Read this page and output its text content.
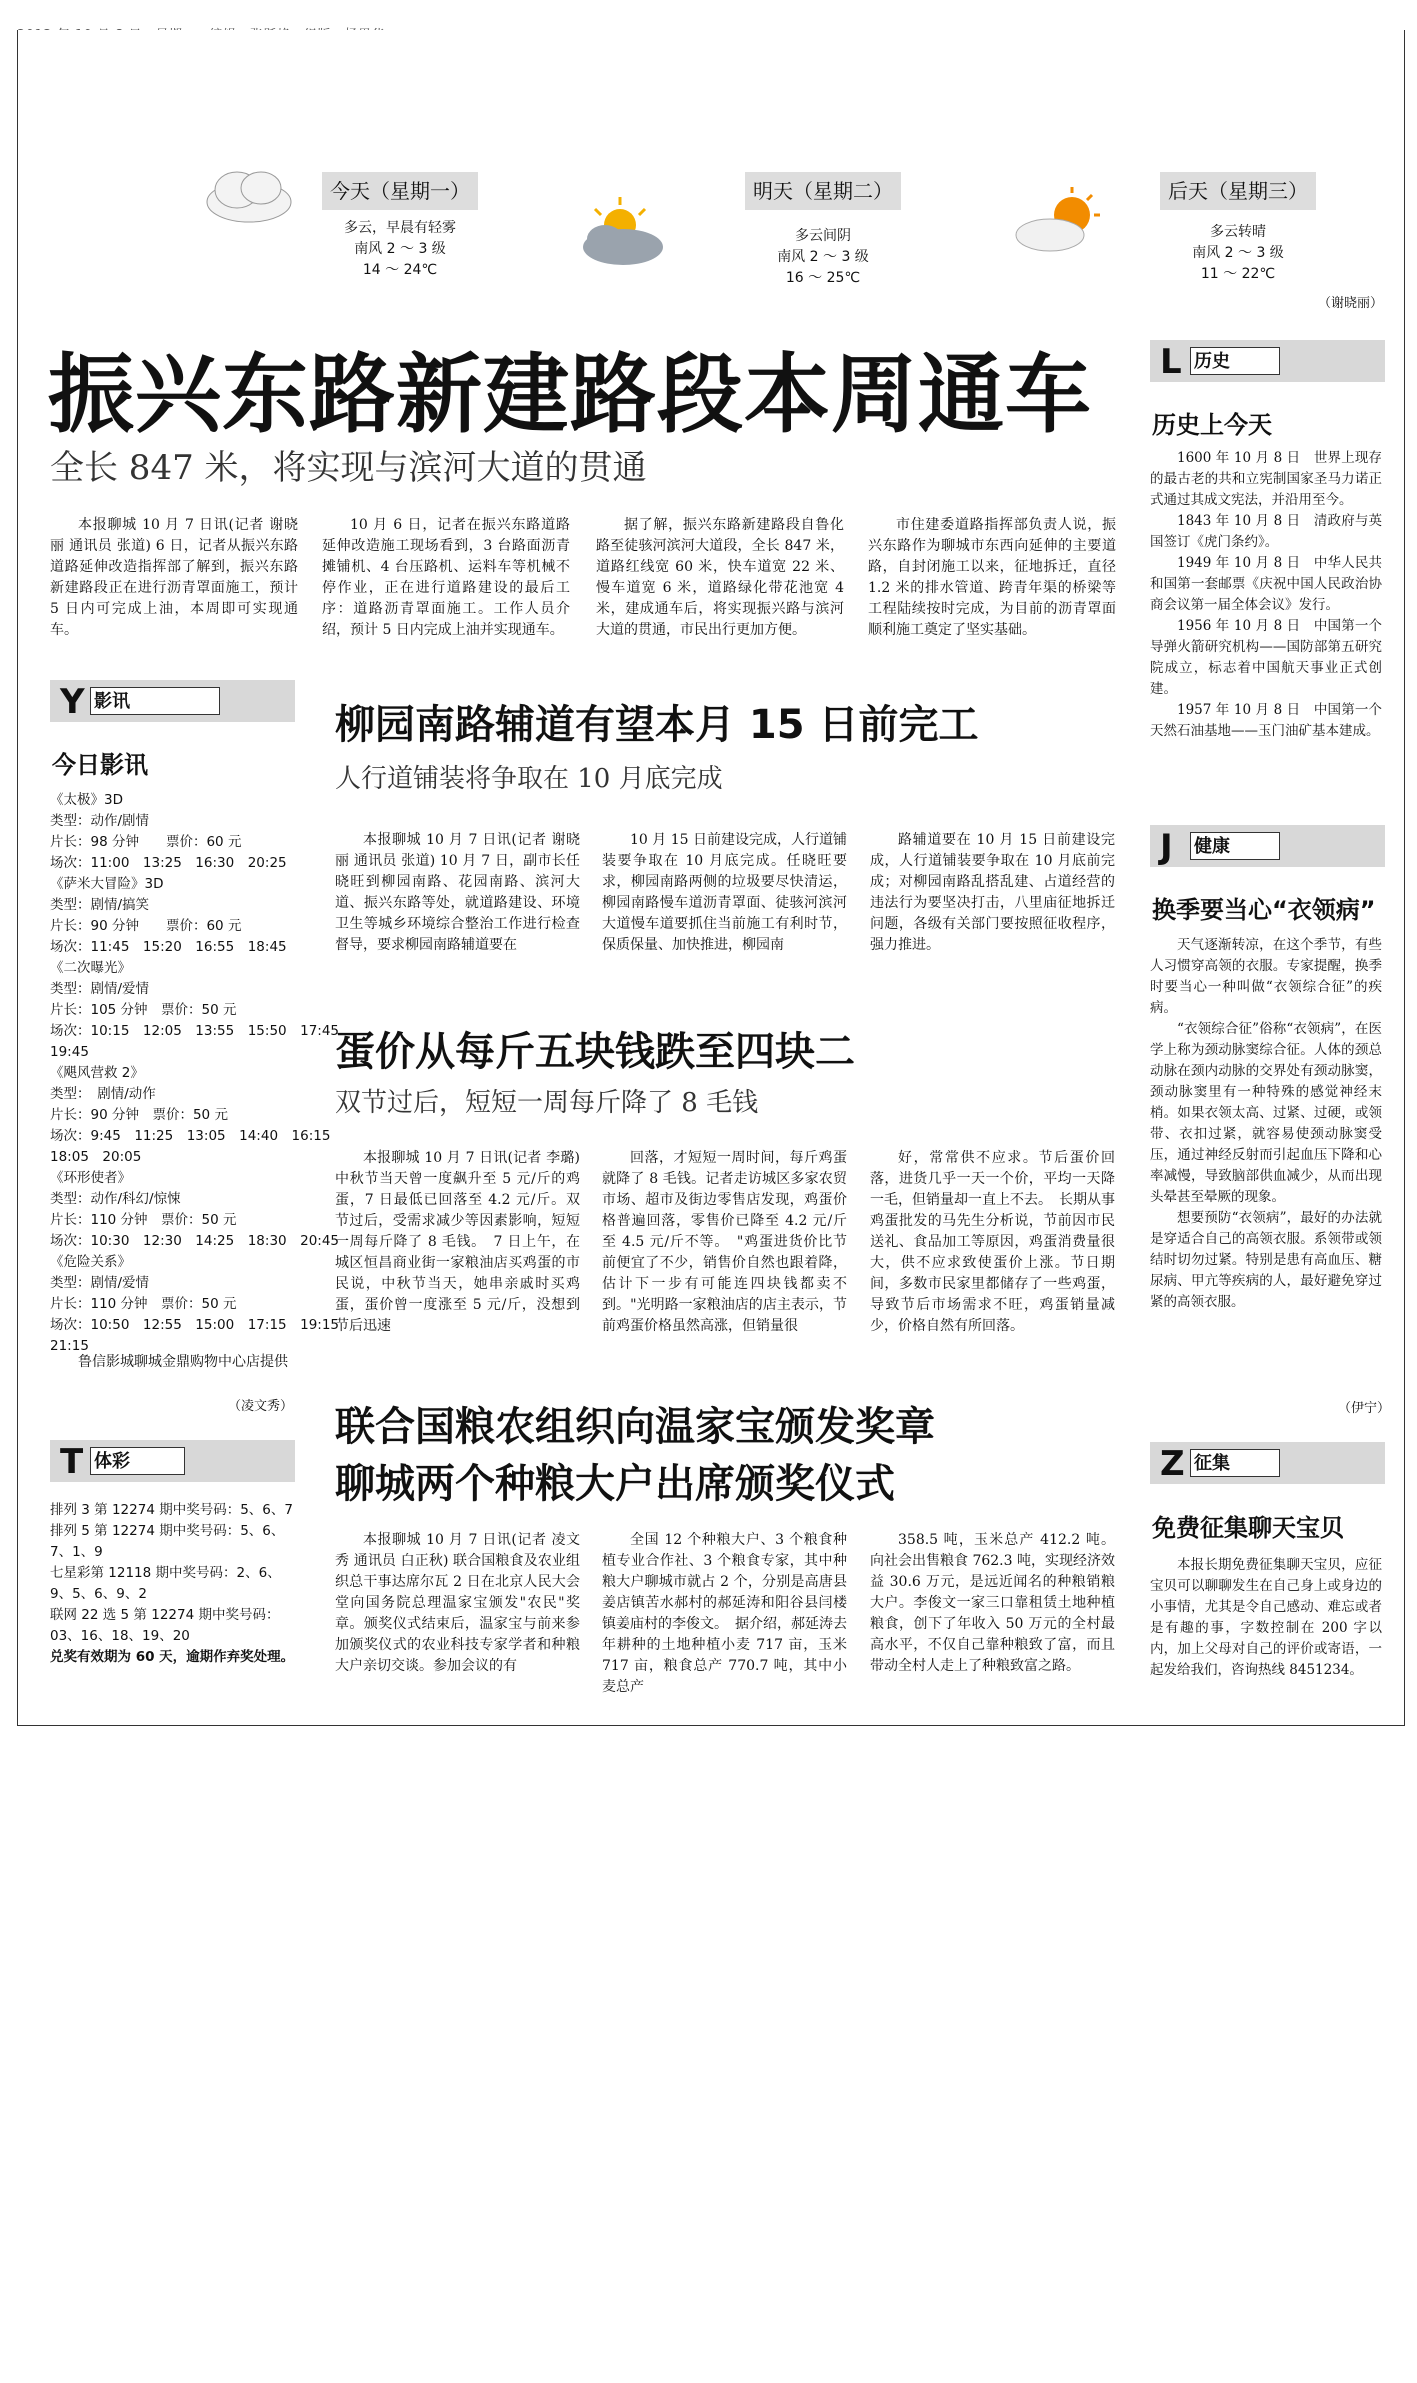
今天（星期一）
多云，早晨有轻雾
南风 2 ～ 3 级
14 ～ 24℃
明天（星期二）
多云间阴
南风 2 ～ 3 级
16 ～ 25℃
后天（星期三）
多云转晴
南风 2 ～ 3 级
11 ～ 22℃
（谢晓丽）
振兴东路新建路段本周通车
全长 847 米，将实现与滨河大道的贯通

本报聊城 10 月 7 日讯(记者 谢晓丽 通讯员 张道) 6 日，记者从振兴东路道路延伸改造指挥部了解到，振兴东路新建路段正在进行沥青罩面施工，预计 5 日内可完成上油，本周即可实现通车。

10 月 6 日，记者在振兴东路道路延伸改造施工现场看到，3 台路面沥青摊铺机、4 台压路机、运料车等机械不停作业，正在进行道路建设的最后工序：道路沥青罩面施工。工作人员介绍，预计 5 日内完成上油并实现通车。

据了解，振兴东路新建路段自鲁化路至徒骇河滨河大道段，全长 847 米，道路红线宽 60 米，快车道宽 22 米、慢车道宽 6 米，道路绿化带花池宽 4 米，建成通车后，将实现振兴路与滨河大道的贯通，市民出行更加方便。

市住建委道路指挥部负责人说，振兴东路作为聊城市东西向延伸的主要道路，自封闭施工以来，征地拆迁，直径 1.2 米的排水管道、跨青年渠的桥梁等工程陆续按时完成，为目前的沥青罩面顺利施工奠定了坚实基础。

Y 影讯
今日影讯
《太极》3D
类型：动作/剧情
片长：98 分钟　　票价：60 元
场次：11:00　13:25　16:30　20:25
《萨米大冒险》3D
类型：剧情/搞笑
片长：90 分钟　　票价：60 元
场次：11:45　15:20　16:55　18:45
《二次曝光》
类型：剧情/爱情
片长：105 分钟　票价：50 元
场次：10:15　12:05　13:55　15:50　17:45
19:45
《飓风营救 2》
类型：　剧情/动作
片长：90 分钟　票价：50 元
场次：9:45　11:25　13:05　14:40　16:15
18:05　20:05
《环形使者》
类型：动作/科幻/惊悚
片长：110 分钟　票价：50 元
场次：10:30　12:30　14:25　18:30　20:45
《危险关系》
类型：剧情/爱情
片长：110 分钟　票价：50 元
场次：10:50　12:55　15:00　17:15　19:15
21:15

鲁信影城聊城金鼎购物中心店提供

（凌文秀）
T 体彩
排列 3 第 12274 期中奖号码：5、6、7
排列 5 第 12274 期中奖号码：5、6、7、1、9
七星彩第 12118 期中奖号码：2、6、9、5、6、9、2
联网 22 选 5 第 12274 期中奖号码：03、16、18、19、20
兑奖有效期为 60 天，逾期作弃奖处理。
柳园南路辅道有望本月 15 日前完工
人行道铺装将争取在 10 月底完成

本报聊城 10 月 7 日讯(记者 谢晓丽 通讯员 张道) 10 月 7 日，副市长任晓旺到柳园南路、花园南路、滨河大道、振兴东路等处，就道路建设、环境卫生等城乡环境综合整治工作进行检查督导，要求柳园南路辅道要在

10 月 15 日前建设完成，人行道铺装要争取在 10 月底完成。任晓旺要求，柳园南路两侧的垃圾要尽快清运，柳园南路慢车道沥青罩面、徒骇河滨河大道慢车道要抓住当前施工有利时节，保质保量、加快推进，柳园南

路辅道要在 10 月 15 日前建设完成，人行道铺装要争取在 10 月底前完成；对柳园南路乱搭乱建、占道经营的违法行为要坚决打击，八里庙征地拆迁问题，各级有关部门要按照征收程序，强力推进。

蛋价从每斤五块钱跌至四块二
双节过后，短短一周每斤降了 8 毛钱

本报聊城 10 月 7 日讯(记者 李璐) 中秋节当天曾一度飙升至 5 元/斤的鸡蛋，7 日最低已回落至 4.2 元/斤。双节过后，受需求减少等因素影响，短短一周每斤降了 8 毛钱。　7 日上午，在城区恒昌商业街一家粮油店买鸡蛋的市民说，中秋节当天，她串亲戚时买鸡蛋，蛋价曾一度涨至 5 元/斤，没想到节后迅速

回落，才短短一周时间，每斤鸡蛋就降了 8 毛钱。记者走访城区多家农贸市场、超市及街边零售店发现，鸡蛋价格普遍回落，零售价已降至 4.2 元/斤至 4.5 元/斤不等。　"鸡蛋进货价比节前便宜了不少，销售价自然也跟着降，估计下一步有可能连四块钱都卖不到。"光明路一家粮油店的店主表示，节前鸡蛋价格虽然高涨，但销量很

好，常常供不应求。节后蛋价回落，进货几乎一天一个价，平均一天降一毛，但销量却一直上不去。　长期从事鸡蛋批发的马先生分析说，节前因市民送礼、食品加工等原因，鸡蛋消费量很大，供不应求致使蛋价上涨。节日期间，多数市民家里都储存了一些鸡蛋，导致节后市场需求不旺，鸡蛋销量减少，价格自然有所回落。

联合国粮农组织向温家宝颁发奖章
聊城两个种粮大户出席颁奖仪式

本报聊城 10 月 7 日讯(记者 凌文秀 通讯员 白正秋) 联合国粮食及农业组织总干事达席尔瓦 2 日在北京人民大会堂向国务院总理温家宝颁发"农民"奖章。颁奖仪式结束后，温家宝与前来参加颁奖仪式的农业科技专家学者和种粮大户亲切交谈。参加会议的有

全国 12 个种粮大户、3 个粮食种植专业合作社、3 个粮食专家，其中种粮大户聊城市就占 2 个，分别是高唐县姜店镇苦水郝村的郝延涛和阳谷县闫楼镇姜庙村的李俊文。　据介绍，郝延涛去年耕种的土地种植小麦 717 亩，玉米 717 亩，粮食总产 770.7 吨，其中小麦总产

358.5 吨，玉米总产 412.2 吨。向社会出售粮食 762.3 吨，实现经济效益 30.6 万元，是远近闻名的种粮销粮大户。李俊文一家三口靠租赁土地种植粮食，创下了年收入 50 万元的全村最高水平，不仅自己靠种粮致了富，而且带动全村人走上了种粮致富之路。

L 历史
历史上今天

1600 年 10 月 8 日　世界上现存的最古老的共和立宪制国家圣马力诺正式通过其成文宪法，并沿用至今。

1843 年 10 月 8 日　清政府与英国签订《虎门条约》。

1949 年 10 月 8 日　中华人民共和国第一套邮票《庆祝中国人民政治协商会议第一届全体会议》发行。

1956 年 10 月 8 日　中国第一个导弹火箭研究机构——国防部第五研究院成立，标志着中国航天事业正式创建。

1957 年 10 月 8 日　中国第一个天然石油基地——玉门油矿基本建成。

J 健康
换季要当心“衣领病”

天气逐渐转凉，在这个季节，有些人习惯穿高领的衣服。专家提醒，换季时要当心一种叫做“衣领综合征”的疾病。

“衣领综合征”俗称“衣领病”，在医学上称为颈动脉窦综合征。人体的颈总动脉在颈内动脉的交界处有颈动脉窦，颈动脉窦里有一种特殊的感觉神经末梢。如果衣领太高、过紧、过硬，或领带、衣扣过紧，就容易使颈动脉窦受压，通过神经反射而引起血压下降和心率减慢，导致脑部供血减少，从而出现头晕甚至晕厥的现象。

想要预防“衣领病”，最好的办法就是穿适合自己的高领衣服。系领带或领结时切勿过紧。特别是患有高血压、糖尿病、甲亢等疾病的人，最好避免穿过紧的高领衣服。

（伊宁）
Z 征集
免费征集聊天宝贝

本报长期免费征集聊天宝贝，应征宝贝可以聊聊发生在自己身上或身边的小事情，尤其是令自己感动、难忘或者是有趣的事，字数控制在 200 字以内，加上父母对自己的评价或寄语，一起发给我们，咨询热线 8451234。
